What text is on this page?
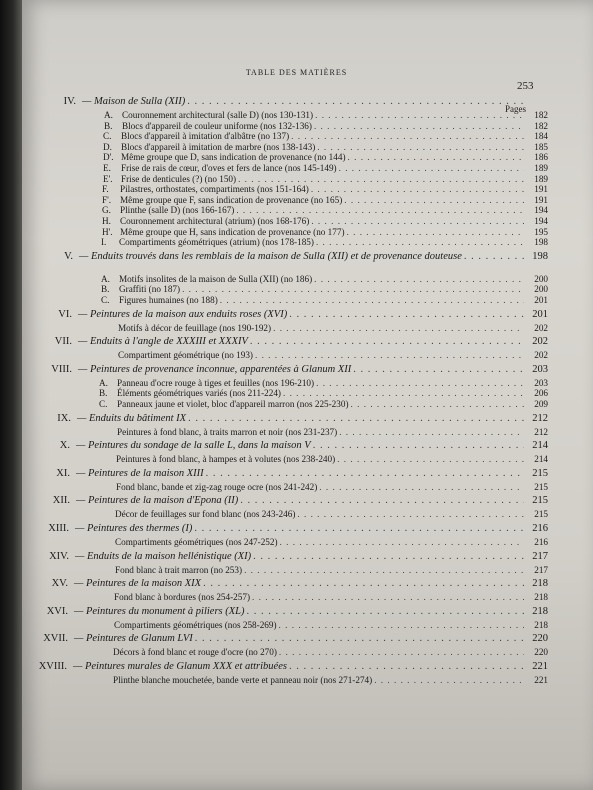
TABLE DES MATIÈRES
253
Pages
IV. — Maison de Sulla (XII)
. . .
A. Couronnement architectural (salle D) (nos 130-131) . . .	182
B.	Blocs d'appareil de couleur uniforme (nos 132-136) . . .	182
C.	Blocs d'appareil à imitation d'albâtre (no 137) . . .	184
D. Blocs d'appareil à imitation de marbre (nos 138-143) . . .	185
D'. Même groupe que D, sans indication de provenance (no 144) . . .	186
E.	Frise de rais de cœur, d'oves et fers de lance (nos 145-149) . . .	189
E'. Frise de denticules (?) (no 150) . . .	189
F.	Pilastres, orthostates, compartiments (nos 151-164) . . .	191
F'. Même groupe que F, sans indication de provenance (no 165) . . .	191
G. Plinthe (salle D) (nos 166-167) . . .	194
H. Couronnement architectural (atrium) (nos 168-176) . . .	194
H'. Même groupe que H, sans indication de provenance (no 177) . . .	195
I.	Compartiments géométriques (atrium) (nos 178-185) . . .	198
V. — Enduits trouvés dans les remblais de la maison de Sulla (XII) et de provenance douteuse . . .	198
A. Motifs insolites de la maison de Sulla (XII) (no 186) . . .	200
B.	Graffiti (no 187) . . .	200
C.	Figures humaines (no 188) . . .	201
VI. — Peintures de la maison aux enduits roses (XVI) . . .	201
Motifs à décor de feuillage (nos 190-192) . . .	202
VII. — Enduits à l'angle de XXXIII et XXXIV . . .	202
Compartiment géométrique (no 193) . . .	202
VIII. — Peintures de provenance inconnue, apparentées à Glanum XII . . .	203
A. Panneau d'ocre rouge à tiges et feuilles (nos 196-210) . . .	203
B.	Éléments géométriques variés (nos 211-224) . . .	206
C.	Panneaux jaune et violet, bloc d'appareil marron (nos 225-230) . . .	209
IX. — Enduits du bâtiment IX . . .	212
Peintures à fond blanc, à traits marron et noir (nos 231-237) . . .	212
X. — Peintures du sondage de la salle L, dans la maison V . . .	214
Peintures à fond blanc, à hampes et à volutes (nos 238-240) . . .	214
XI. — Peintures de la maison XIII . . .	215
Fond blanc, bande et zig-zag rouge ocre (nos 241-242) . . .	215
XII. — Peintures de la maison d'Epona (II) . . .	215
Décor de feuillages sur fond blanc (nos 243-246) . . .	215
XIII. — Peintures des thermes (I) . . .	216
Compartiments géométriques (nos 247-252) . . .	216
XIV. — Enduits de la maison hellénistique (XI) . . .	217
Fond blanc à trait marron (no 253) . . .	217
XV. — Peintures de la maison XIX . . .	218
Fond blanc à bordures (nos 254-257) . . .	218
XVI. — Peintures du monument à piliers (XL) . . .	218
Compartiments géométriques (nos 258-269) . . .	218
XVII. — Peintures de Glanum LVI . . .	220
Décors à fond blanc et rouge d'ocre (no 270) . . .	220
XVIII. — Peintures murales de Glanum XXX et attribuées . . .	221
Plinthe blanche mouchetée, bande verte et panneau noir (nos 271-274) . . .	221
